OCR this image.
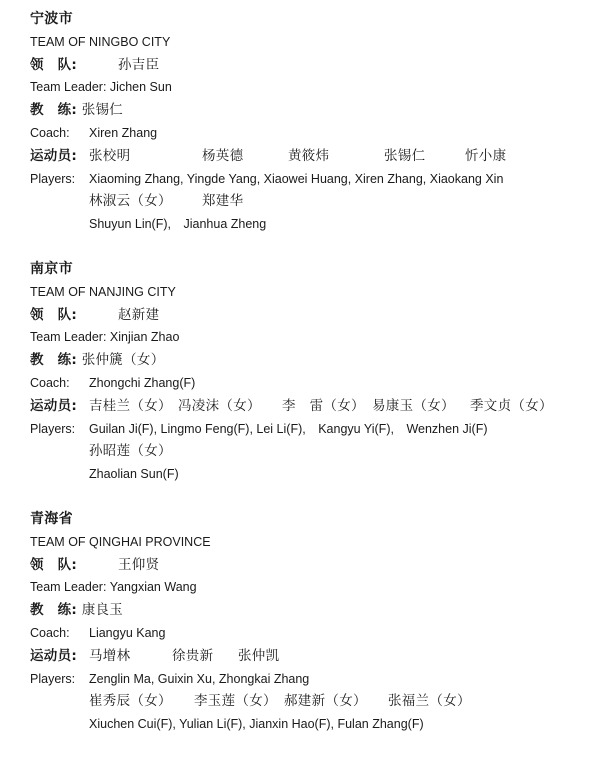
宁波市
TEAM OF NINGBO CITY
领　队:	孙吉臣
Team Leader: Jichen Sun
教　练: 张锡仁
Coach: Xiren Zhang
运动员: 张校明	杨英德	黄筱炜	张锡仁	忻小康
Players: Xiaoming Zhang, Yingde Yang, Xiaowei Huang, Xiren Zhang, Xiaokang Xin
林淑云（女） 郑建华
Shuyun Lin(F),　Jianhua Zheng
南京市
TEAM OF NANJING CITY
领　队:	赵新建
Team Leader: Xinjian Zhao
教　练: 张仲篪（女）
Coach: Zhongchi Zhang(F)
运动员: 吉桂兰（女） 冯凌沫（女） 李　雷（女） 易康玉（女） 季文贞（女）
Players: Guilan Ji(F), Lingmo Feng(F), Lei Li(F),　Kangyu Yi(F),　Wenzhen Ji(F)
孙昭莲（女）
Zhaolian Sun(F)
青海省
TEAM OF QINGHAI PROVINCE
领　队:	王仰贤
Team Leader: Yangxian Wang
教　练: 康良玉
Coach: Liangyu Kang
运动员: 马增林	徐贵新 张仲凯
Players: Zenglin Ma, Guixin Xu, Zhongkai Zhang
崔秀辰（女） 李玉莲（女） 郝建新（女） 张福兰（女）
Xiuchen Cui(F), Yulian Li(F), Jianxin Hao(F), Fulan Zhang(F)
